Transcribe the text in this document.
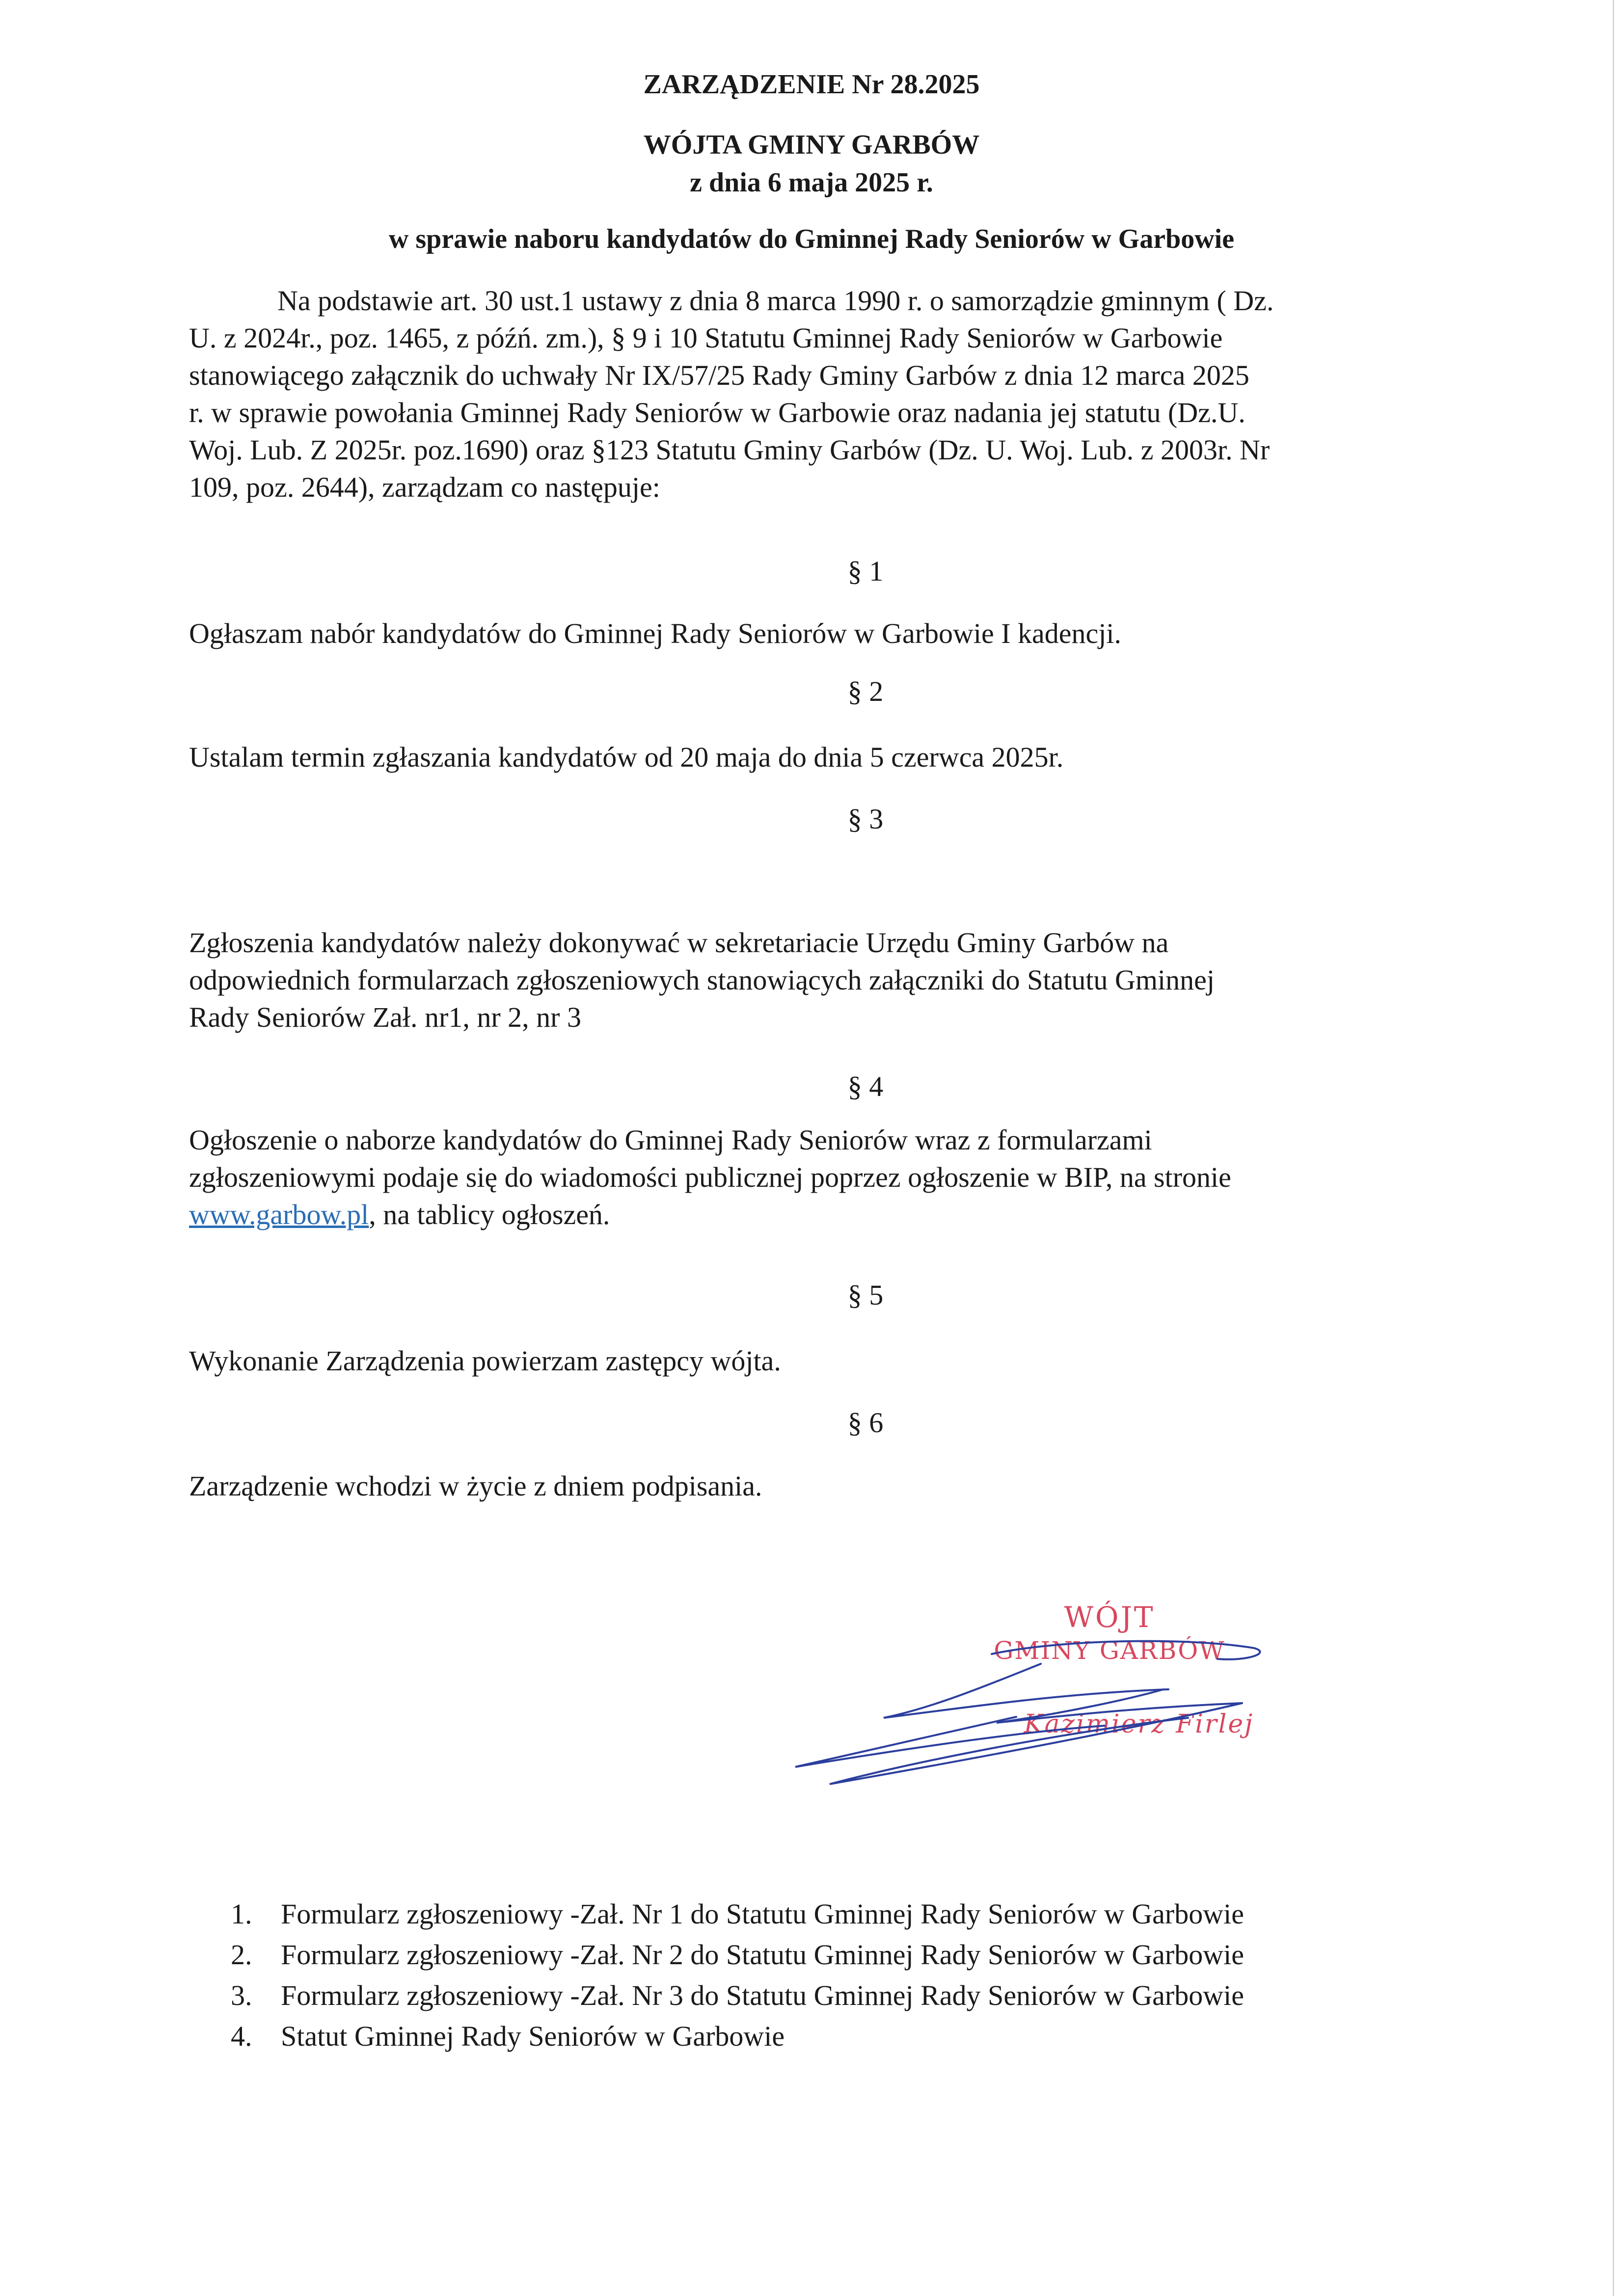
ZARZĄDZENIE Nr 28.2025
WÓJTA GMINY GARBÓW
z dnia 6 maja 2025 r.
w sprawie naboru kandydatów do Gminnej Rady Seniorów w Garbowie
Na podstawie art. 30 ust.1 ustawy z dnia 8 marca 1990 r. o samorządzie gminnym ( Dz.
U. z 2024r., poz. 1465, z późń. zm.), § 9 i 10 Statutu Gminnej Rady Seniorów w Garbowie
stanowiącego załącznik do uchwały Nr IX/57/25 Rady Gminy Garbów z dnia 12 marca 2025
r. w sprawie powołania Gminnej Rady Seniorów w Garbowie oraz nadania jej statutu (Dz.U.
Woj. Lub. Z 2025r. poz.1690) oraz §123 Statutu Gminy Garbów (Dz. U. Woj. Lub. z 2003r. Nr
109, poz. 2644), zarządzam co następuje:
§ 1
Ogłaszam nabór kandydatów do Gminnej Rady Seniorów w Garbowie I kadencji.
§ 2
Ustalam termin zgłaszania kandydatów od 20 maja do dnia 5 czerwca 2025r.
§ 3
Zgłoszenia kandydatów należy dokonywać w sekretariacie Urzędu Gminy Garbów na
odpowiednich formularzach zgłoszeniowych stanowiących załączniki do Statutu Gminnej
Rady Seniorów Zał. nr1, nr 2, nr 3
§ 4
Ogłoszenie o naborze kandydatów do Gminnej Rady Seniorów wraz z formularzami
zgłoszeniowymi podaje się do wiadomości publicznej poprzez ogłoszenie w BIP, na stronie
www.garbow.pl, na tablicy ogłoszeń.
§ 5
Wykonanie Zarządzenia powierzam zastępcy wójta.
§ 6
Zarządzenie wchodzi w życie z dniem podpisania.
WÓJT
GMINY GARBÓW
Kazimierz Firlej
1. Formularz zgłoszeniowy -Zał. Nr 1 do Statutu Gminnej Rady Seniorów w Garbowie
2. Formularz zgłoszeniowy -Zał. Nr 2 do Statutu Gminnej Rady Seniorów w Garbowie
3. Formularz zgłoszeniowy -Zał. Nr 3 do Statutu Gminnej Rady Seniorów w Garbowie
4. Statut Gminnej Rady Seniorów w Garbowie
